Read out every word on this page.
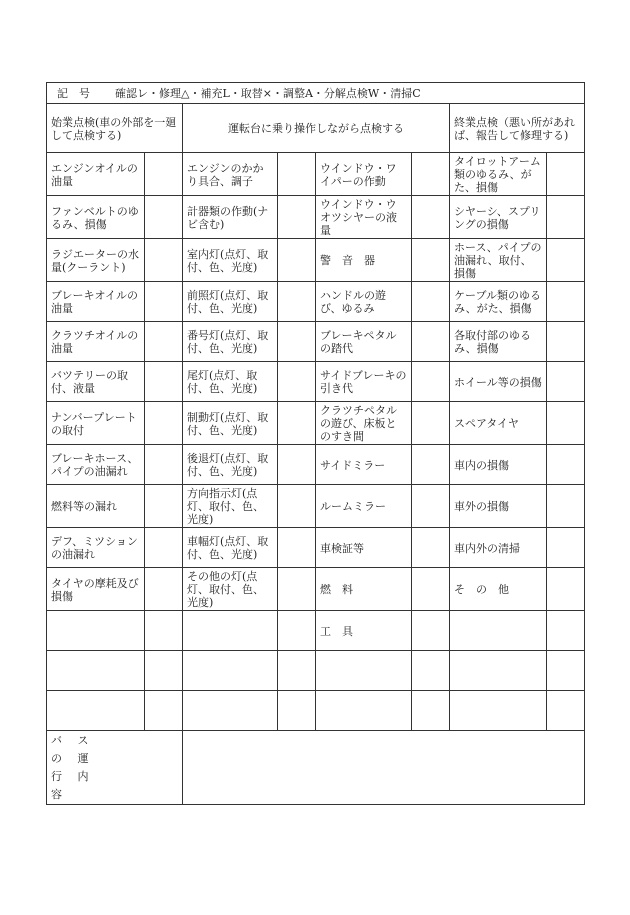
記　号 確認レ・修理△・補充L・取替×・調整A・分解点検W・清掃C							
始業点検(車の外部を一廻して点検する)		運転台に乗り操作しながら点検する				終業点検（悪い所があれば、報告して修理する)	
エンジンオイルの油量		エンジンのかかり具合、調子		ウインドウ・ワイパーの作動		タイロットアーム類のゆるみ、がた、損傷	
ファンベルトのゆるみ、損傷		計器類の作動(ナビ含む)		ウインドウ・ウオツシヤーの液量		シヤーシ、スプリングの損傷	
ラジエーターの水量(クーラント)		室内灯(点灯、取付、色、光度)		警　音　器		ホース、パイプの油漏れ、取付、損傷	
ブレーキオイルの油量		前照灯(点灯、取付、色、光度)		ハンドルの遊び、ゆるみ		ケーブル類のゆるみ、がた、損傷	
クラツチオイルの油量		番号灯(点灯、取付、色、光度)		ブレーキペタルの踏代		各取付部のゆるみ、損傷	
バツテリーの取付、液量		尾灯(点灯、取付、色、光度)		サイドブレーキの引き代		ホイール等の損傷	
ナンバープレートの取付		制動灯(点灯、取付、色、光度)		クラツチペタルの遊び、床板とのすき間		スペアタイヤ	
ブレーキホース、パイプの油漏れ		後退灯(点灯、取付、色、光度)		サイドミラー		車内の損傷	
燃料等の漏れ		方向指示灯(点灯、取付、色、光度)		ルームミラー		車外の損傷	
デフ、ミツションの油漏れ		車幅灯(点灯、取付、色、光度)		車検証等		車内外の清掃	
タイヤの摩耗及び損傷		その他の灯(点灯、取付、色、光度)		燃　料		そ　の　他	
				工　具			

バ ス の 運 行 内 容							
